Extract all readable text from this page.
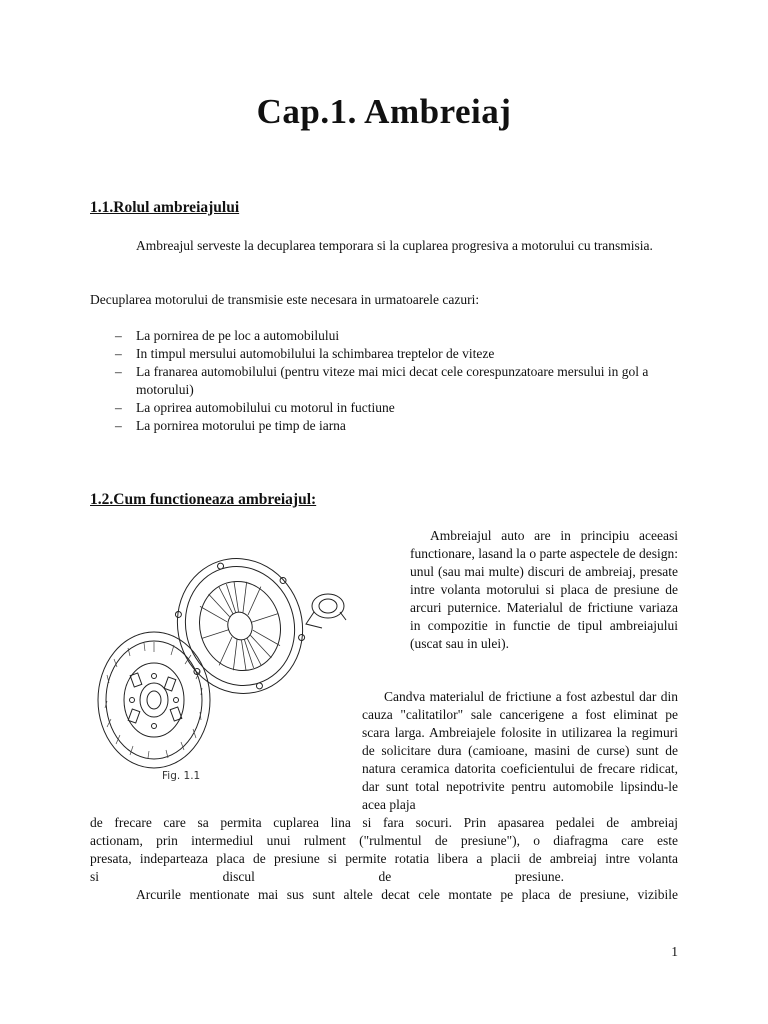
Cap.1. Ambreiaj
1.1.Rolul ambreiajului

Ambreajul serveste la decuplarea temporara si la cuplarea progresiva a motorului cu transmisia.

Decuplarea motorului de transmisie este necesara in urmatoarele cazuri:

– La pornirea de pe loc a automobilului
– In timpul mersului automobilului la schimbarea treptelor de viteze
– La franarea automobilului (pentru viteze mai mici decat cele corespunzatoare mersului in gol a motorului)
– La oprirea automobilului cu motorul in fuctiune
– La pornirea motorului pe timp de iarna
1.2.Cum functioneaza ambreiajul:
Fig. 1.1

Ambreiajul auto are in principiu aceeasi functionare, lasand la o parte aspectele de design: unul (sau mai multe) discuri de ambreiaj, presate intre volanta motorului si placa de presiune de arcuri puternice. Materialul de frictiune variaza in compozitie in functie de tipul ambreiajului (uscat sau in ulei).

Candva materialul de frictiune a fost azbestul dar din cauza "calitatilor" sale cancerigene a fost eliminat pe scara larga. Ambreiajele folosite in utilizarea la regimuri de solicitare dura (camioane, masini de curse) sunt de natura ceramica datorita coeficientului de frecare ridicat, dar sunt total nepotrivite pentru automobile lipsindu-le acea plaja

de frecare care sa permita cuplarea lina si fara socuri. Prin apasarea pedalei de ambreiaj
actionam, prin intermediul unui rulment ("rulmentul de presiune"), o diafragma care este
presata, indeparteaza placa de presiune si permite rotatia libera a placii de ambreiaj intre volanta
si discul de presiune.
Arcurile mentionate mai sus sunt altele decat cele montate pe placa de presiune, vizibile
1
